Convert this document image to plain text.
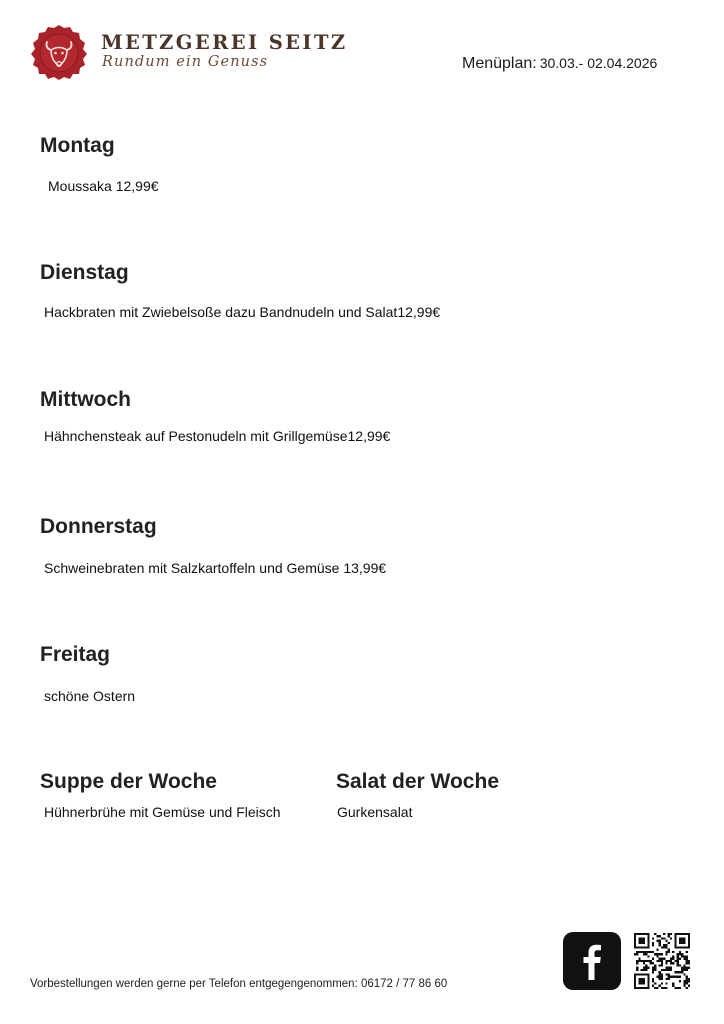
METZGEREI SEITZ
Rundum ein Genuss	Menüplan: 30.03.- 02.04.2026
Montag
Moussaka 12,99€
Dienstag
Hackbraten mit Zwiebelsoße dazu Bandnudeln und Salat12,99€
Mittwoch
Hähnchensteak auf Pestonudeln mit Grillgemüse12,99€
Donnerstag
Schweinebraten mit Salzkartoffeln und Gemüse 13,99€
Freitag
schöne Ostern
Suppe der Woche
Hühnerbrühe mit Gemüse und Fleisch
Salat der Woche
Gurkensalat
Vorbestellungen werden gerne per Telefon entgegengenommen: 06172 / 77 86 60
